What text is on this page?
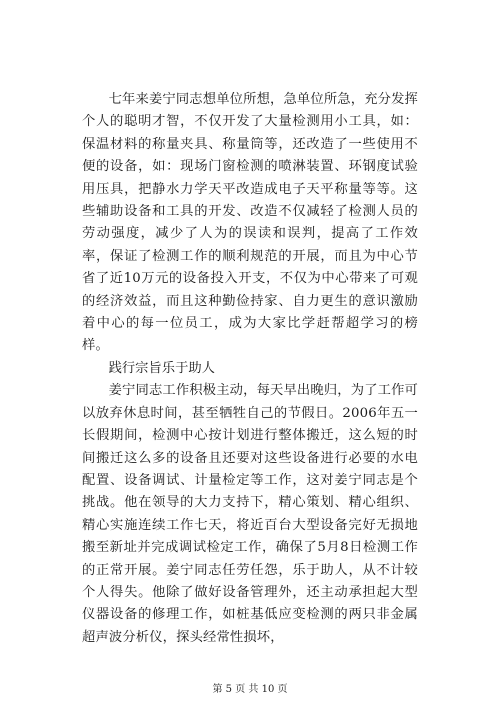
七年来姜宁同志想单位所想，急单位所急，充分发挥个人的聪明才智，不仅开发了大量检测用小工具，如：保温材料的称量夹具、称量筒等，还改造了一些使用不便的设备，如：现场门窗检测的喷淋装置、环钢度试验用压具，把静水力学天平改造成电子天平称量等等。这些辅助设备和工具的开发、改造不仅减轻了检测人员的劳动强度，减少了人为的误读和误判，提高了工作效率，保证了检测工作的顺利规范的开展，而且为中心节省了近10万元的设备投入开支，不仅为中心带来了可观的经济效益，而且这种勤俭持家、自力更生的意识激励着中心的每一位员工，成为大家比学赶帮超学习的榜样。

践行宗旨乐于助人

姜宁同志工作积极主动，每天早出晚归，为了工作可以放弃休息时间，甚至牺牲自己的节假日。2006年五一长假期间，检测中心按计划进行整体搬迁，这么短的时间搬迁这么多的设备且还要对这些设备进行必要的水电配置、设备调试、计量检定等工作，这对姜宁同志是个挑战。他在领导的大力支持下，精心策划、精心组织、精心实施连续工作七天，将近百台大型设备完好无损地搬至新址并完成调试检定工作，确保了5月8日检测工作的正常开展。姜宁同志任劳任怨，乐于助人，从不计较个人得失。他除了做好设备管理外，还主动承担起大型仪器设备的修理工作，如桩基低应变检测的两只非金属超声波分析仪，探头经常性损坏，

第 5 页 共 10 页
